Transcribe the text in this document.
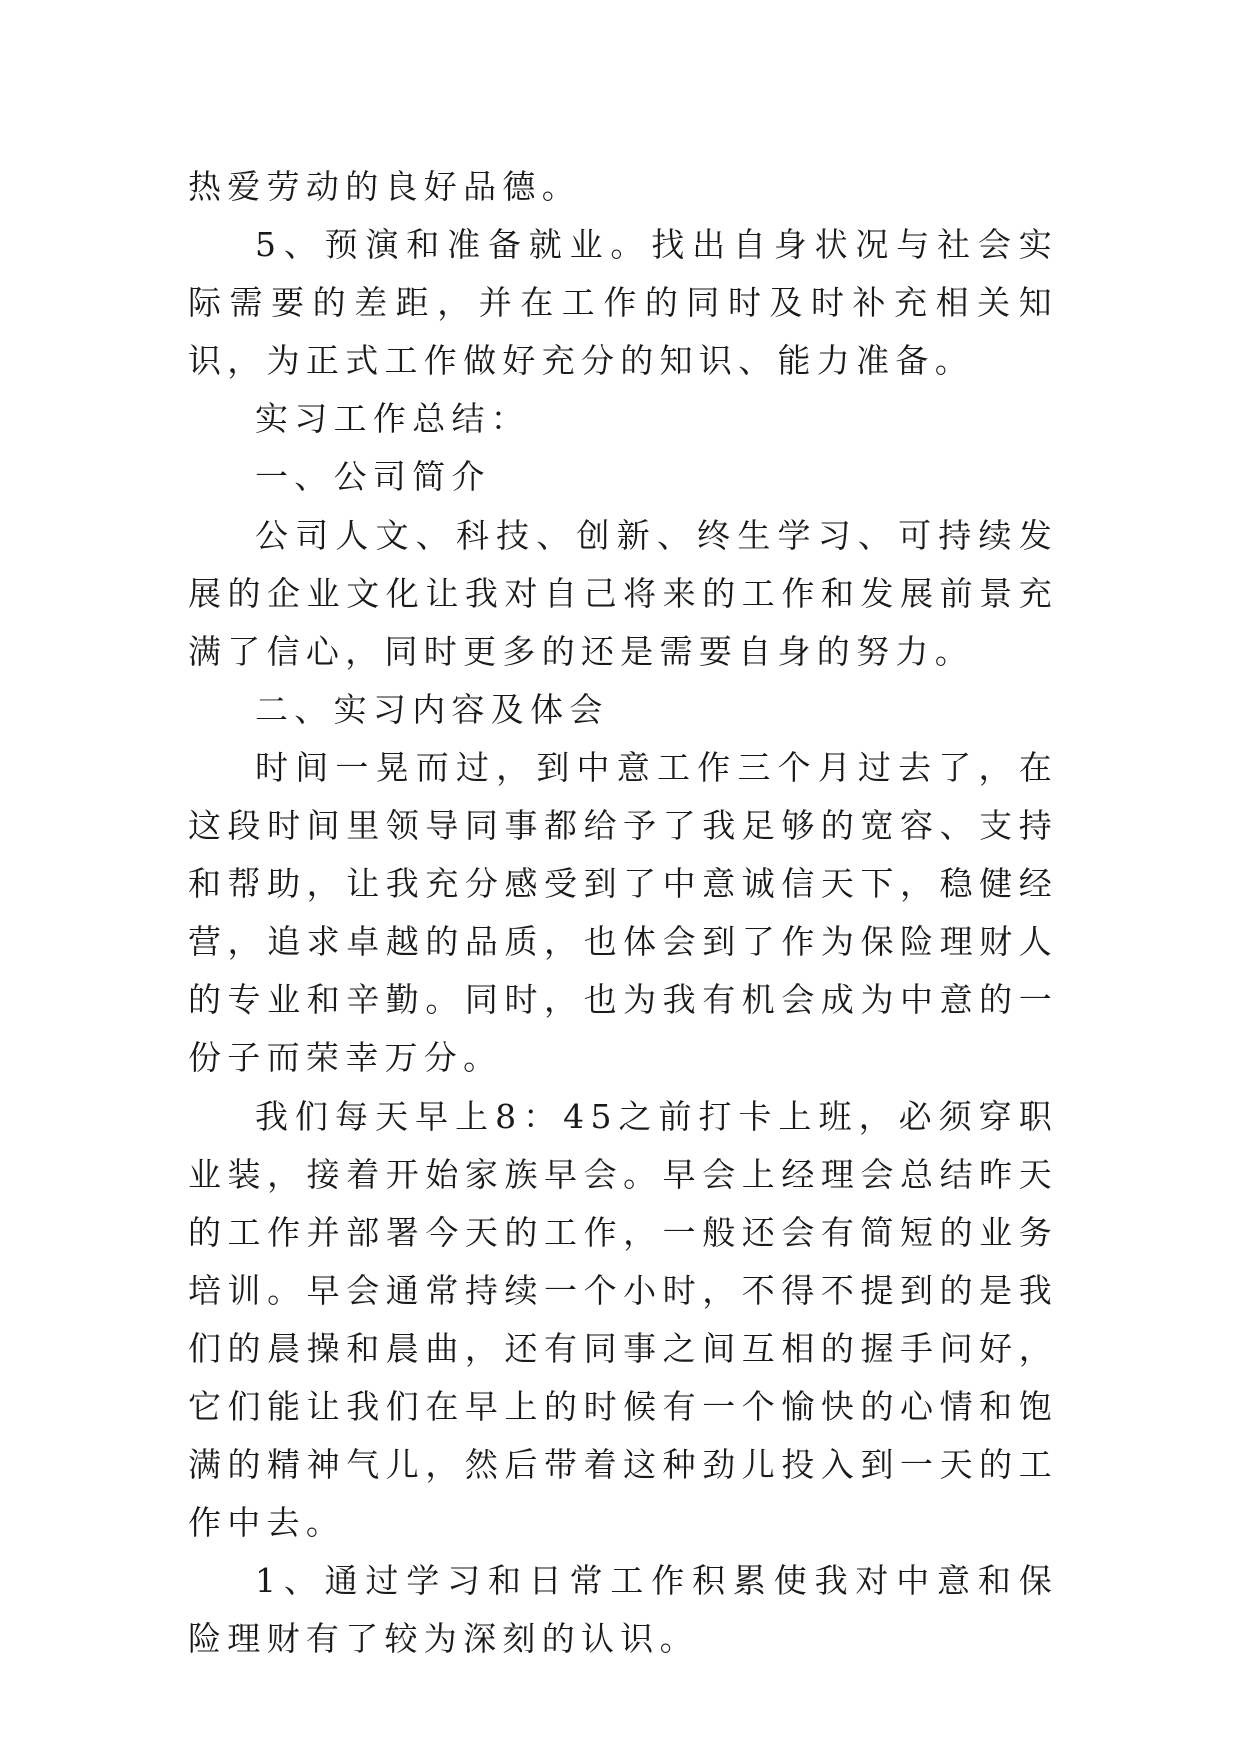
热爱劳动的良好品德。

5、预演和准备就业。找出自身状况与社会实际需要的差距，并在工作的同时及时补充相关知识，为正式工作做好充分的知识、能力准备。

实习工作总结：

一、公司简介

公司人文、科技、创新、终生学习、可持续发展的企业文化让我对自己将来的工作和发展前景充满了信心，同时更多的还是需要自身的努力。

二、实习内容及体会

时间一晃而过，到中意工作三个月过去了，在这段时间里领导同事都给予了我足够的宽容、支持和帮助，让我充分感受到了中意诚信天下，稳健经营，追求卓越的品质，也体会到了作为保险理财人的专业和辛勤。同时，也为我有机会成为中意的一份子而荣幸万分。

我们每天早上8：45之前打卡上班，必须穿职业装，接着开始家族早会。早会上经理会总结昨天的工作并部署今天的工作，一般还会有简短的业务培训。早会通常持续一个小时，不得不提到的是我们的晨操和晨曲，还有同事之间互相的握手问好，它们能让我们在早上的时候有一个愉快的心情和饱满的精神气儿，然后带着这种劲儿投入到一天的工作中去。

1、通过学习和日常工作积累使我对中意和保险理财有了较为深刻的认识。
